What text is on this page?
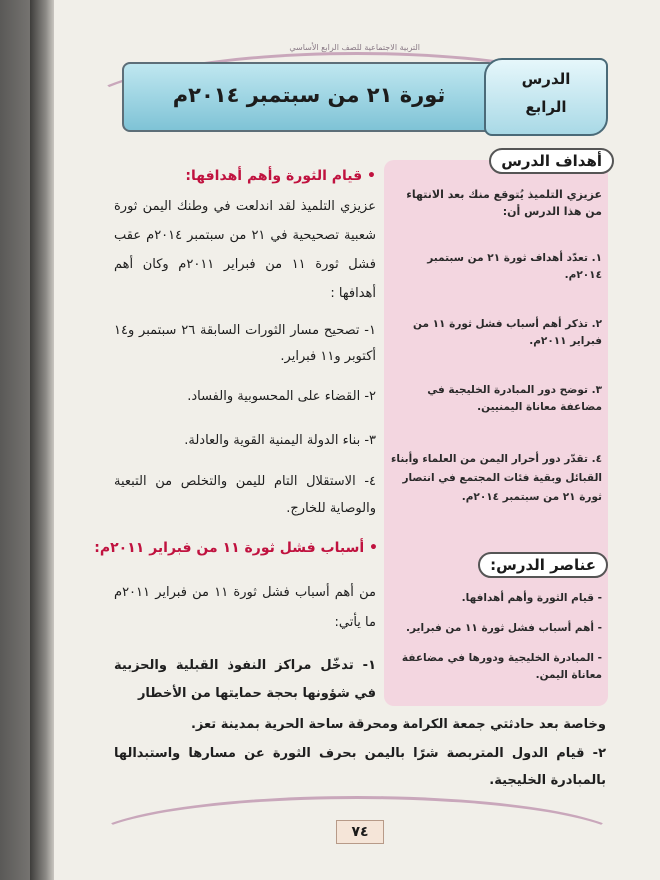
التربية الاجتماعية للصف الرابع الأساسي
ثورة ٢١ من سبتمبر ٢٠١٤م
الدرس
الرابع
أهداف الدرس
عزيزي التلميذ يُتوقع منك بعد الانتهاء من هذا الدرس أن:
١. تعدّد أهداف ثورة ٢١ من سبتمبر ٢٠١٤م.
٢. تذكر أهم أسباب فشل ثورة ١١ من فبراير ٢٠١١م.
٣. توضح دور المبادرة الخليجية في مضاعفة معاناة اليمنيين.
٤. تقدّر دور أحرار اليمن من العلماء وأبناء القبائل وبقية فئات المجتمع في انتصار ثورة ٢١ من سبتمبر ٢٠١٤م.
عناصر الدرس:
- قيام الثورة وأهم أهدافها.
- أهم أسباب فشل ثورة ١١ من فبراير.
- المبادرة الخليجية ودورها في مضاعفة معاناة اليمن.
• قيام الثورة وأهم أهدافها:
عزيزي التلميذ لقد اندلعت في وطنك اليمن ثورة شعبية تصحيحية في ٢١ من سبتمبر ٢٠١٤م عقب فشل ثورة ١١ من فبراير ٢٠١١م وكان أهم أهدافها :
١- تصحيح مسار الثورات السابقة ٢٦ سبتمبر و١٤ أكتوبر و١١ فبراير.
٢- القضاء على المحسوبية والفساد.
٣- بناء الدولة اليمنية القوية والعادلة.
٤- الاستقلال التام لليمن والتخلص من التبعية والوصاية للخارج.
• أسباب فشل ثورة ١١ من فبراير ٢٠١١م:
من أهم أسباب فشل ثورة ١١ من فبراير ٢٠١١م ما يأتي:
١- تدخّل مراكز النفوذ القبلية والحزبية في شؤونها بحجة حمايتها من الأخطار
وخاصة بعد حادثتي جمعة الكرامة ومحرقة ساحة الحرية بمدينة تعز.
٢- قيام الدول المتربصة شرًا باليمن بحرف الثورة عن مسارها واستبدالها بالمبادرة الخليجية.
٧٤
